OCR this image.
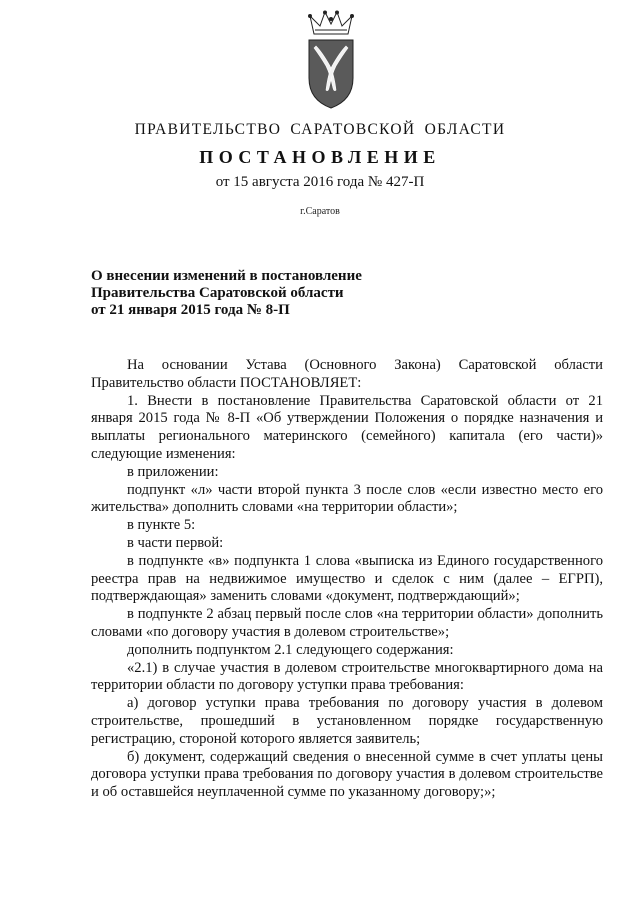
ПРАВИТЕЛЬСТВО САРАТОВСКОЙ ОБЛАСТИ
ПОСТАНОВЛЕНИЕ
от 15 августа 2016 года № 427-П
г.Саратов
О внесении изменений в постановление
Правительства Саратовской области
от 21 января 2015 года № 8-П

На основании Устава (Основного Закона) Саратовской области Правительство области ПОСТАНОВЛЯЕТ:

1. Внести в постановление Правительства Саратовской области от 21 января 2015 года № 8-П «Об утверждении Положения о порядке назначения и выплаты регионального материнского (семейного) капитала (его части)» следующие изменения:

в приложении:

подпункт «л» части второй пункта 3 после слов «если известно место его жительства» дополнить словами «на территории области»;

в пункте 5:

в части первой:

в подпункте «в» подпункта 1 слова «выписка из Единого государственного реестра прав на недвижимое имущество и сделок с ним (далее – ЕГРП), подтверждающая» заменить словами «документ, подтверждающий»;

в подпункте 2 абзац первый после слов «на территории области» дополнить словами «по договору участия в долевом строительстве»;

дополнить подпунктом 2.1 следующего содержания:

«2.1) в случае участия в долевом строительстве многоквартирного дома на территории области по договору уступки права требования:

а) договор уступки права требования по договору участия в долевом строительстве, прошедший в установленном порядке государственную регистрацию, стороной которого является заявитель;

б) документ, содержащий сведения о внесенной сумме в счет уплаты цены договора уступки права требования по договору участия в долевом строительстве и об оставшейся неуплаченной сумме по указанному договору;»;
